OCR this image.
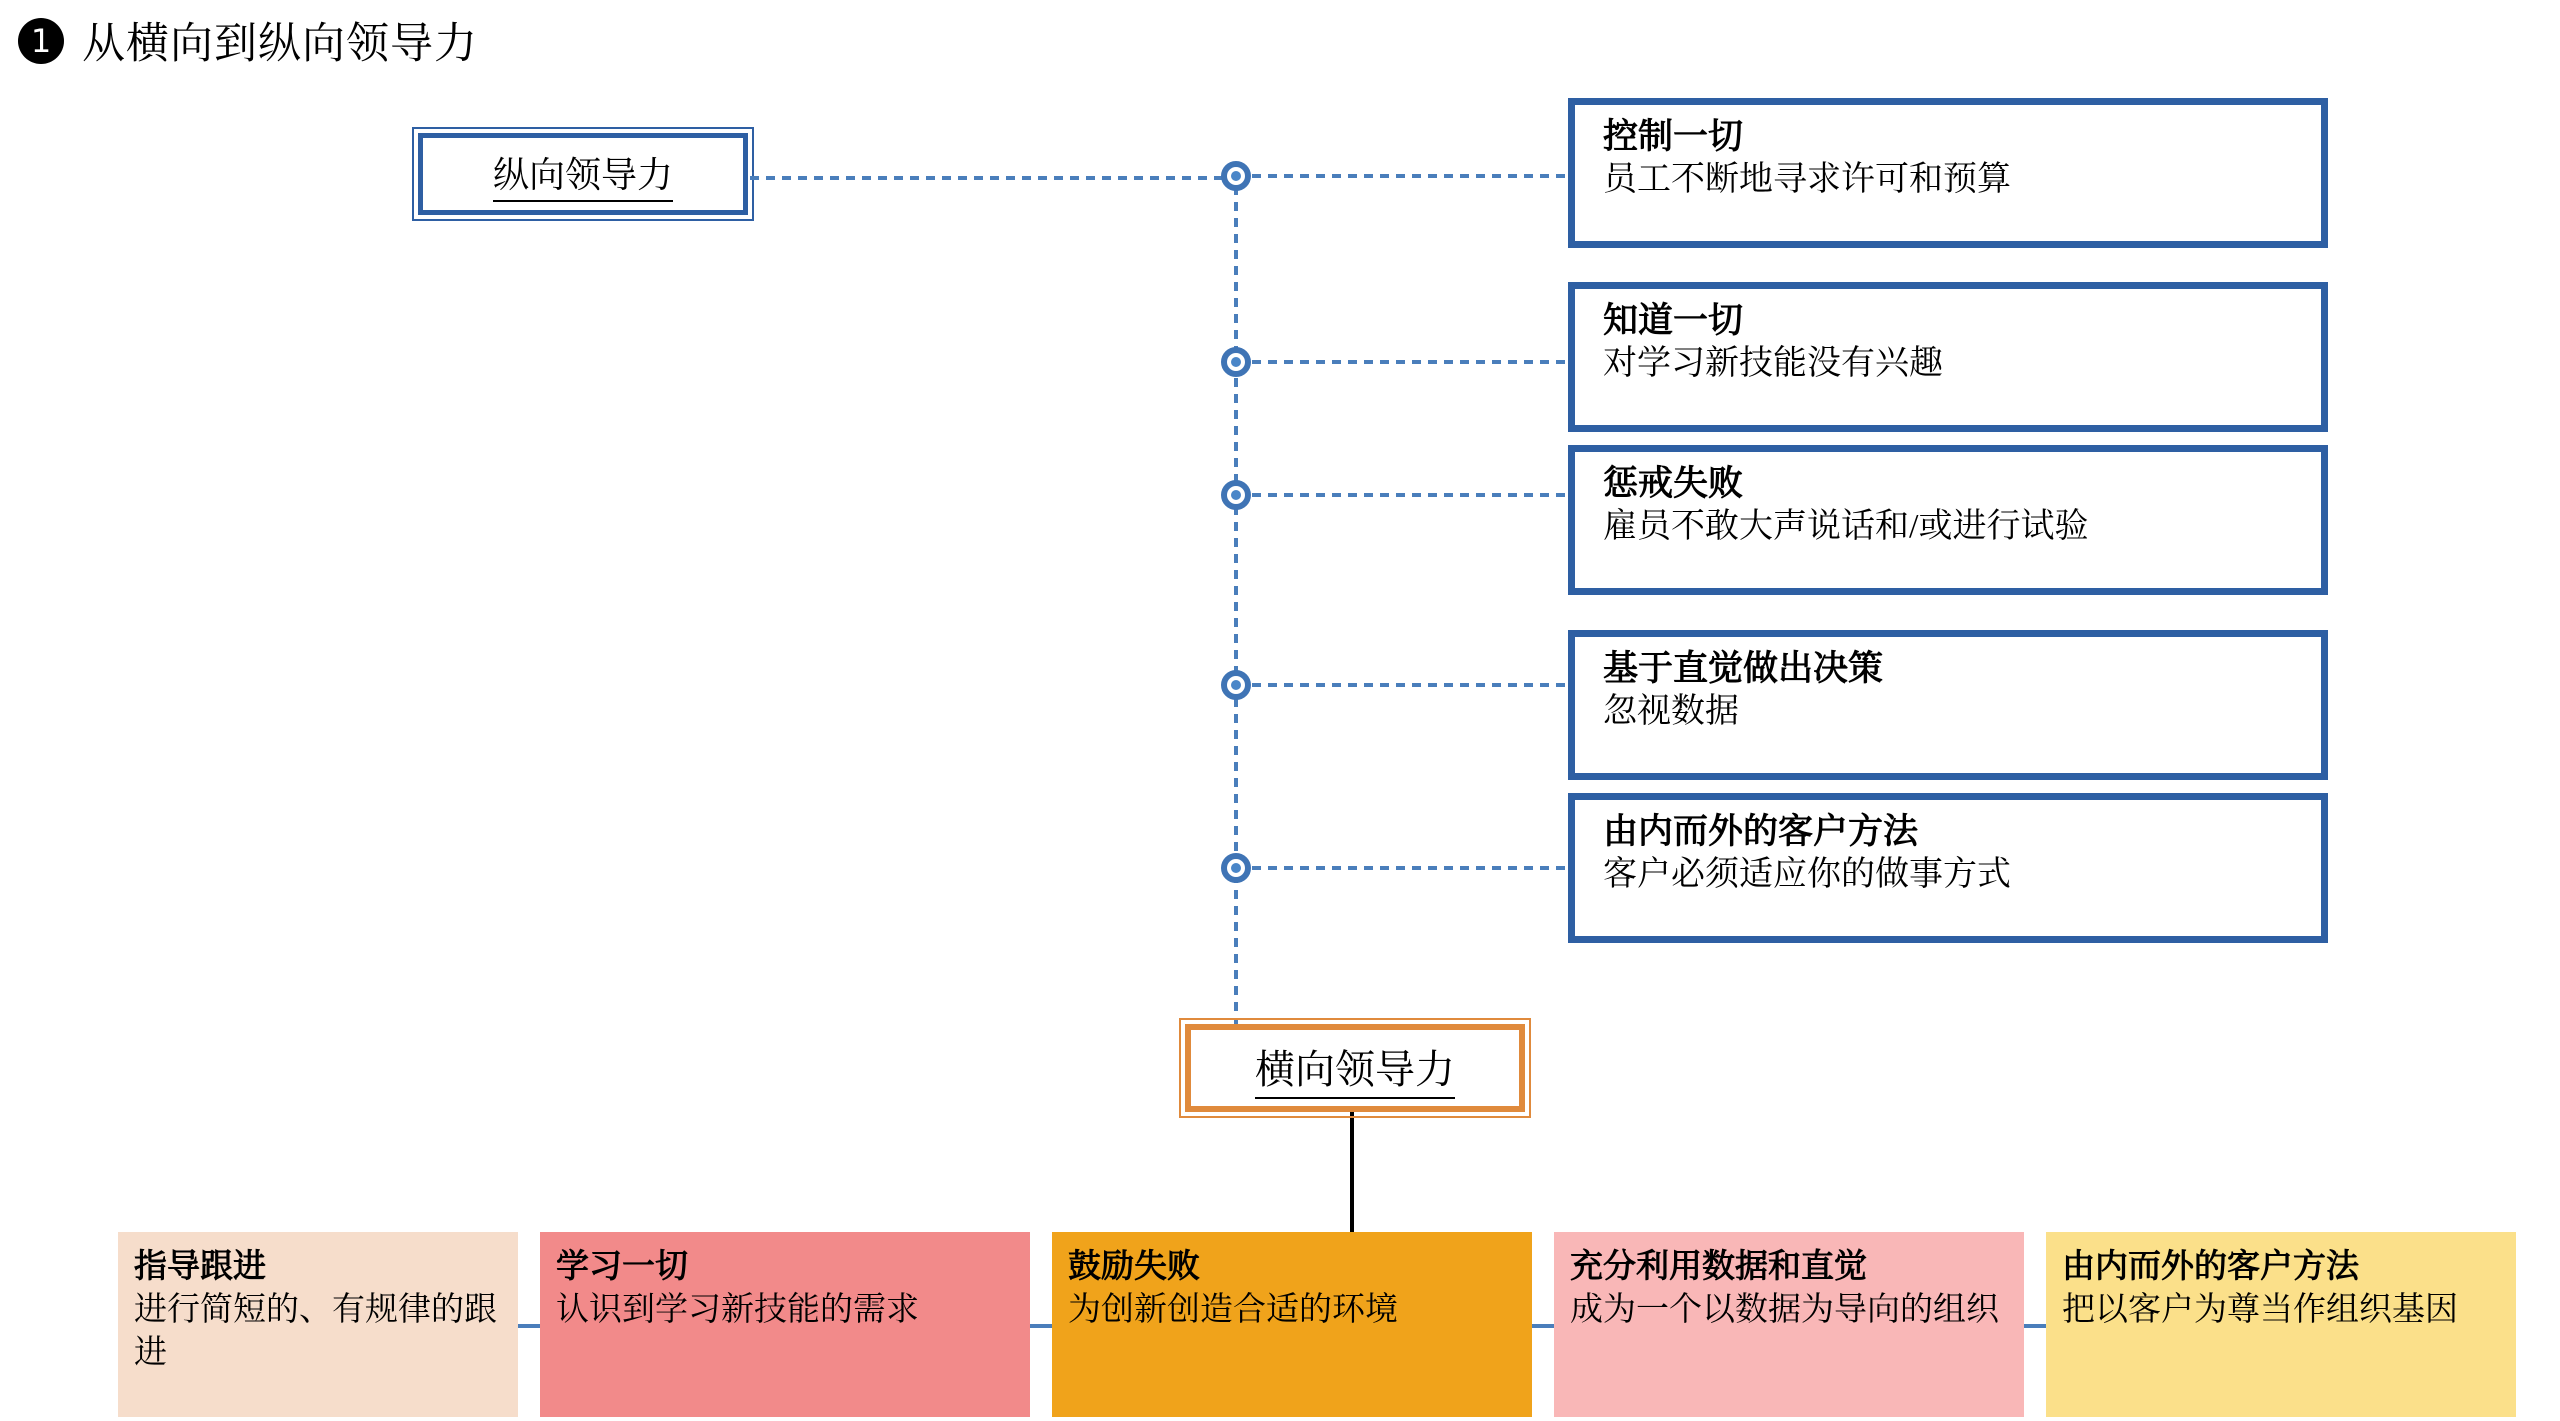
1 从横向到纵向领导力
纵向领导力
控制一切
员工不断地寻求许可和预算
知道一切
对学习新技能没有兴趣
惩戒失败
雇员不敢大声说话和/或进行试验
基于直觉做出决策
忽视数据
由内而外的客户方法
客户必须适应你的做事方式
横向领导力
指导跟进
进行简短的、有规律的跟进
学习一切
认识到学习新技能的需求
鼓励失败
为创新创造合适的环境
充分利用数据和直觉
成为一个以数据为导向的组织
由内而外的客户方法
把以客户为尊当作组织基因
